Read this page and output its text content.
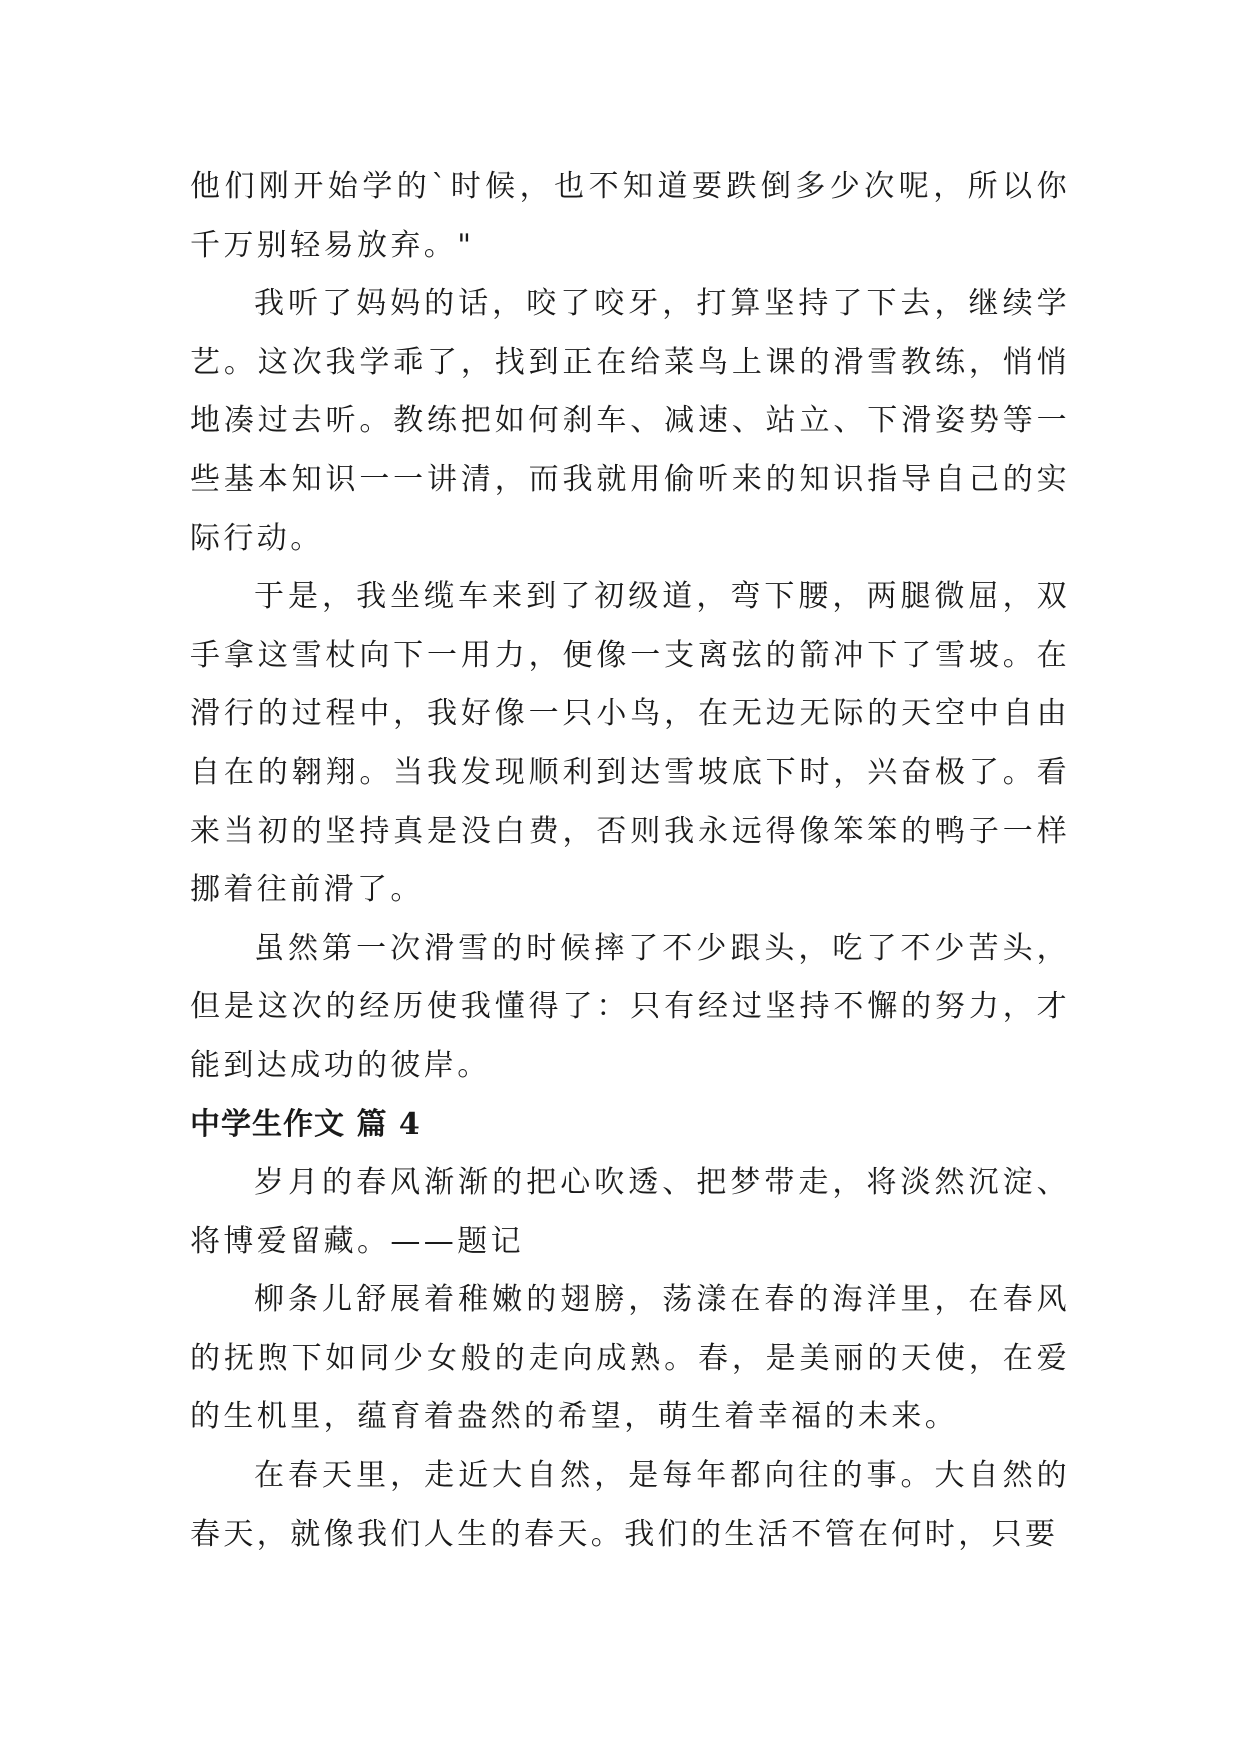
他们刚开始学的`时候，也不知道要跌倒多少次呢，所以你千万别轻易放弃。"

我听了妈妈的话，咬了咬牙，打算坚持了下去，继续学艺。这次我学乖了，找到正在给菜鸟上课的滑雪教练，悄悄地凑过去听。教练把如何刹车、减速、站立、下滑姿势等一些基本知识一一讲清，而我就用偷听来的知识指导自己的实际行动。

于是，我坐缆车来到了初级道，弯下腰，两腿微屈，双手拿这雪杖向下一用力，便像一支离弦的箭冲下了雪坡。在滑行的过程中，我好像一只小鸟，在无边无际的天空中自由自在的翱翔。当我发现顺利到达雪坡底下时，兴奋极了。看来当初的坚持真是没白费，否则我永远得像笨笨的鸭子一样挪着往前滑了。

虽然第一次滑雪的时候摔了不少跟头，吃了不少苦头，但是这次的经历使我懂得了：只有经过坚持不懈的努力，才能到达成功的彼岸。

中学生作文 篇 4

岁月的春风渐渐的把心吹透、把梦带走，将淡然沉淀、将博爱留藏。——题记

柳条儿舒展着稚嫩的翅膀，荡漾在春的海洋里，在春风的抚煦下如同少女般的走向成熟。春，是美丽的天使，在爱的生机里，蕴育着盎然的希望，萌生着幸福的未来。

在春天里，走近大自然，是每年都向往的事。大自然的春天，就像我们人生的春天。我们的生活不管在何时，只要
